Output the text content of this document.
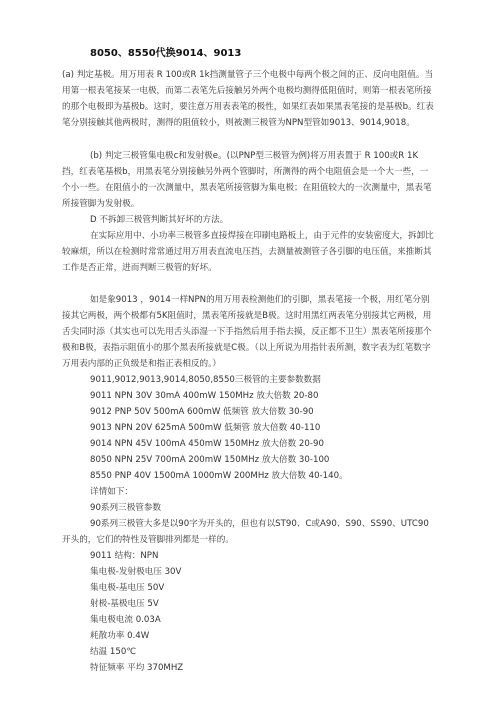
8050、8550代换9014、9013
(a) 判定基极。用万用表 R 100或R 1k挡测量管子三个电极中每两个极之间的正、反向电阻值。当用第一根表笔接某一电极，而第二表笔先后接触另外两个电极均测得低阻值时，则第一根表笔所接的那个电极即为基极b。这时，要注意万用表表笔的极性，如果红表如果黑表笔接的是基极b。红表笔分别接触其他两极时，测得的阻值较小，则被测三极管为NPN型管如9013、9014,9018。
(b) 判定三极管集电极c和发射极e。(以PNP型三极管为例)将万用表置于 R 100或R 1K挡，红表笔基极b，用黑表笔分别接触另外两个管脚时，所测得的两个电阻值会是一个大一些，一个小一些。在阻值小的一次测量中，黑表笔所接管脚为集电极；在阻值较大的一次测量中，黑表笔所接管脚为发射极。
D 不拆卸三极管判断其好坏的方法。
在实际应用中、小功率三极管多直接焊接在印刷电路板上，由于元件的安装密度大，拆卸比较麻烦，所以在检测时常常通过用万用表直流电压挡，去测量被测管子各引脚的电压值，来推断其工作是否正常，进而判断三极管的好坏。
如是象9013 ，9014一样NPN的用万用表检测他们的引脚，黑表笔接一个极，用红笔分别接其它两极，两个极都有5K阻值时，黑表笔所接就是B极。这时用黑红两表笔分别接其它两极，用舌尖同时添（其实也可以先用舌头添湿一下手指然后用手指去摸，反正都不卫生）黑表笔所接那个极和B极，表指示阻值小的那个黑表所接就是C极。（以上所说为用指针表所测，数字表为红笔数字万用表内部的正负级是和指正表相反的。）
9011,9012,9013,9014,8050,8550三极管的主要参数数据
9011 NPN 30V 30mA 400mW 150MHz 放大倍数 20-80
9012 PNP 50V 500mA 600mW 低频管 放大倍数 30-90
9013 NPN 20V 625mA 500mW 低频管 放大倍数 40-110
9014 NPN 45V 100mA 450mW 150MHz 放大倍数 20-90
8050 NPN 25V 700mA 200mW 150MHz 放大倍数 30-100
8550 PNP 40V 1500mA 1000mW 200MHz 放大倍数 40-140。
详情如下：
90系列三极管参数
90系列三极管大多是以90字为开头的，但也有以ST90、C或A90、S90、SS90、UTC90开头的，它们的特性及管脚排列都是一样的。
9011 结构：NPN
集电极-发射极电压 30V
集电极-基电压 50V
射极-基极电压 5V
集电极电流 0.03A
耗散功率 0.4W
结温 150℃
特征频率 平均 370MHZ
